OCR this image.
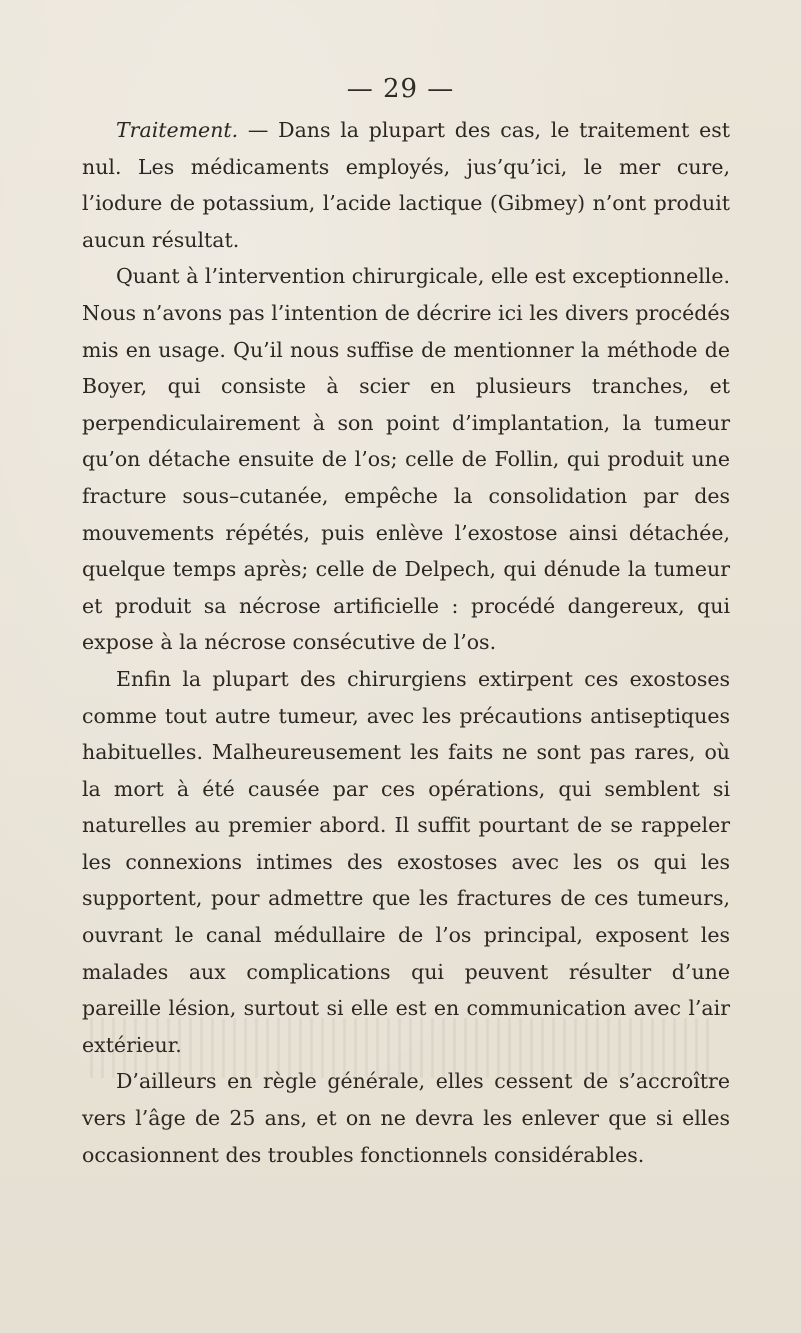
— 29 —

Traitement. — Dans la plupart des cas, le traitement est nul. Les médicaments employés, jus’qu’ici, le mer cure, l’iodure de potassium, l’acide lactique (Gibmey) n’ont produit aucun résultat.

Quant à l’intervention chirurgicale, elle est exceptionnelle. Nous n’avons pas l’intention de décrire ici les divers procédés mis en usage. Qu’il nous suffise de mentionner la méthode de Boyer, qui consiste à scier en plusieurs tranches, et perpendiculairement à son point d’implantation, la tumeur qu’on détache ensuite de l’os; celle de Follin, qui produit une fracture sous–cutanée, empêche la consolidation par des mouvements répétés, puis enlève l’exostose ainsi détachée, quelque temps après; celle de Delpech, qui dénude la tumeur et produit sa nécrose artificielle : procédé dangereux, qui expose à la nécrose consécutive de l’os.

Enfin la plupart des chirurgiens extirpent ces exostoses comme tout autre tumeur, avec les précautions antiseptiques habituelles. Malheureusement les faits ne sont pas rares, où la mort à été causée par ces opérations, qui semblent si naturelles au premier abord. Il suffit pourtant de se rappeler les connexions intimes des exostoses avec les os qui les supportent, pour admettre que les fractures de ces tumeurs, ouvrant le canal médullaire de l’os principal, exposent les malades aux complications qui peuvent résulter d’une pareille lésion, surtout si elle est en communication avec l’air extérieur.

D’ailleurs en règle générale, elles cessent de s’accroître vers l’âge de 25 ans, et on ne devra les enlever que si elles occasionnent des troubles fonctionnels considérables.
